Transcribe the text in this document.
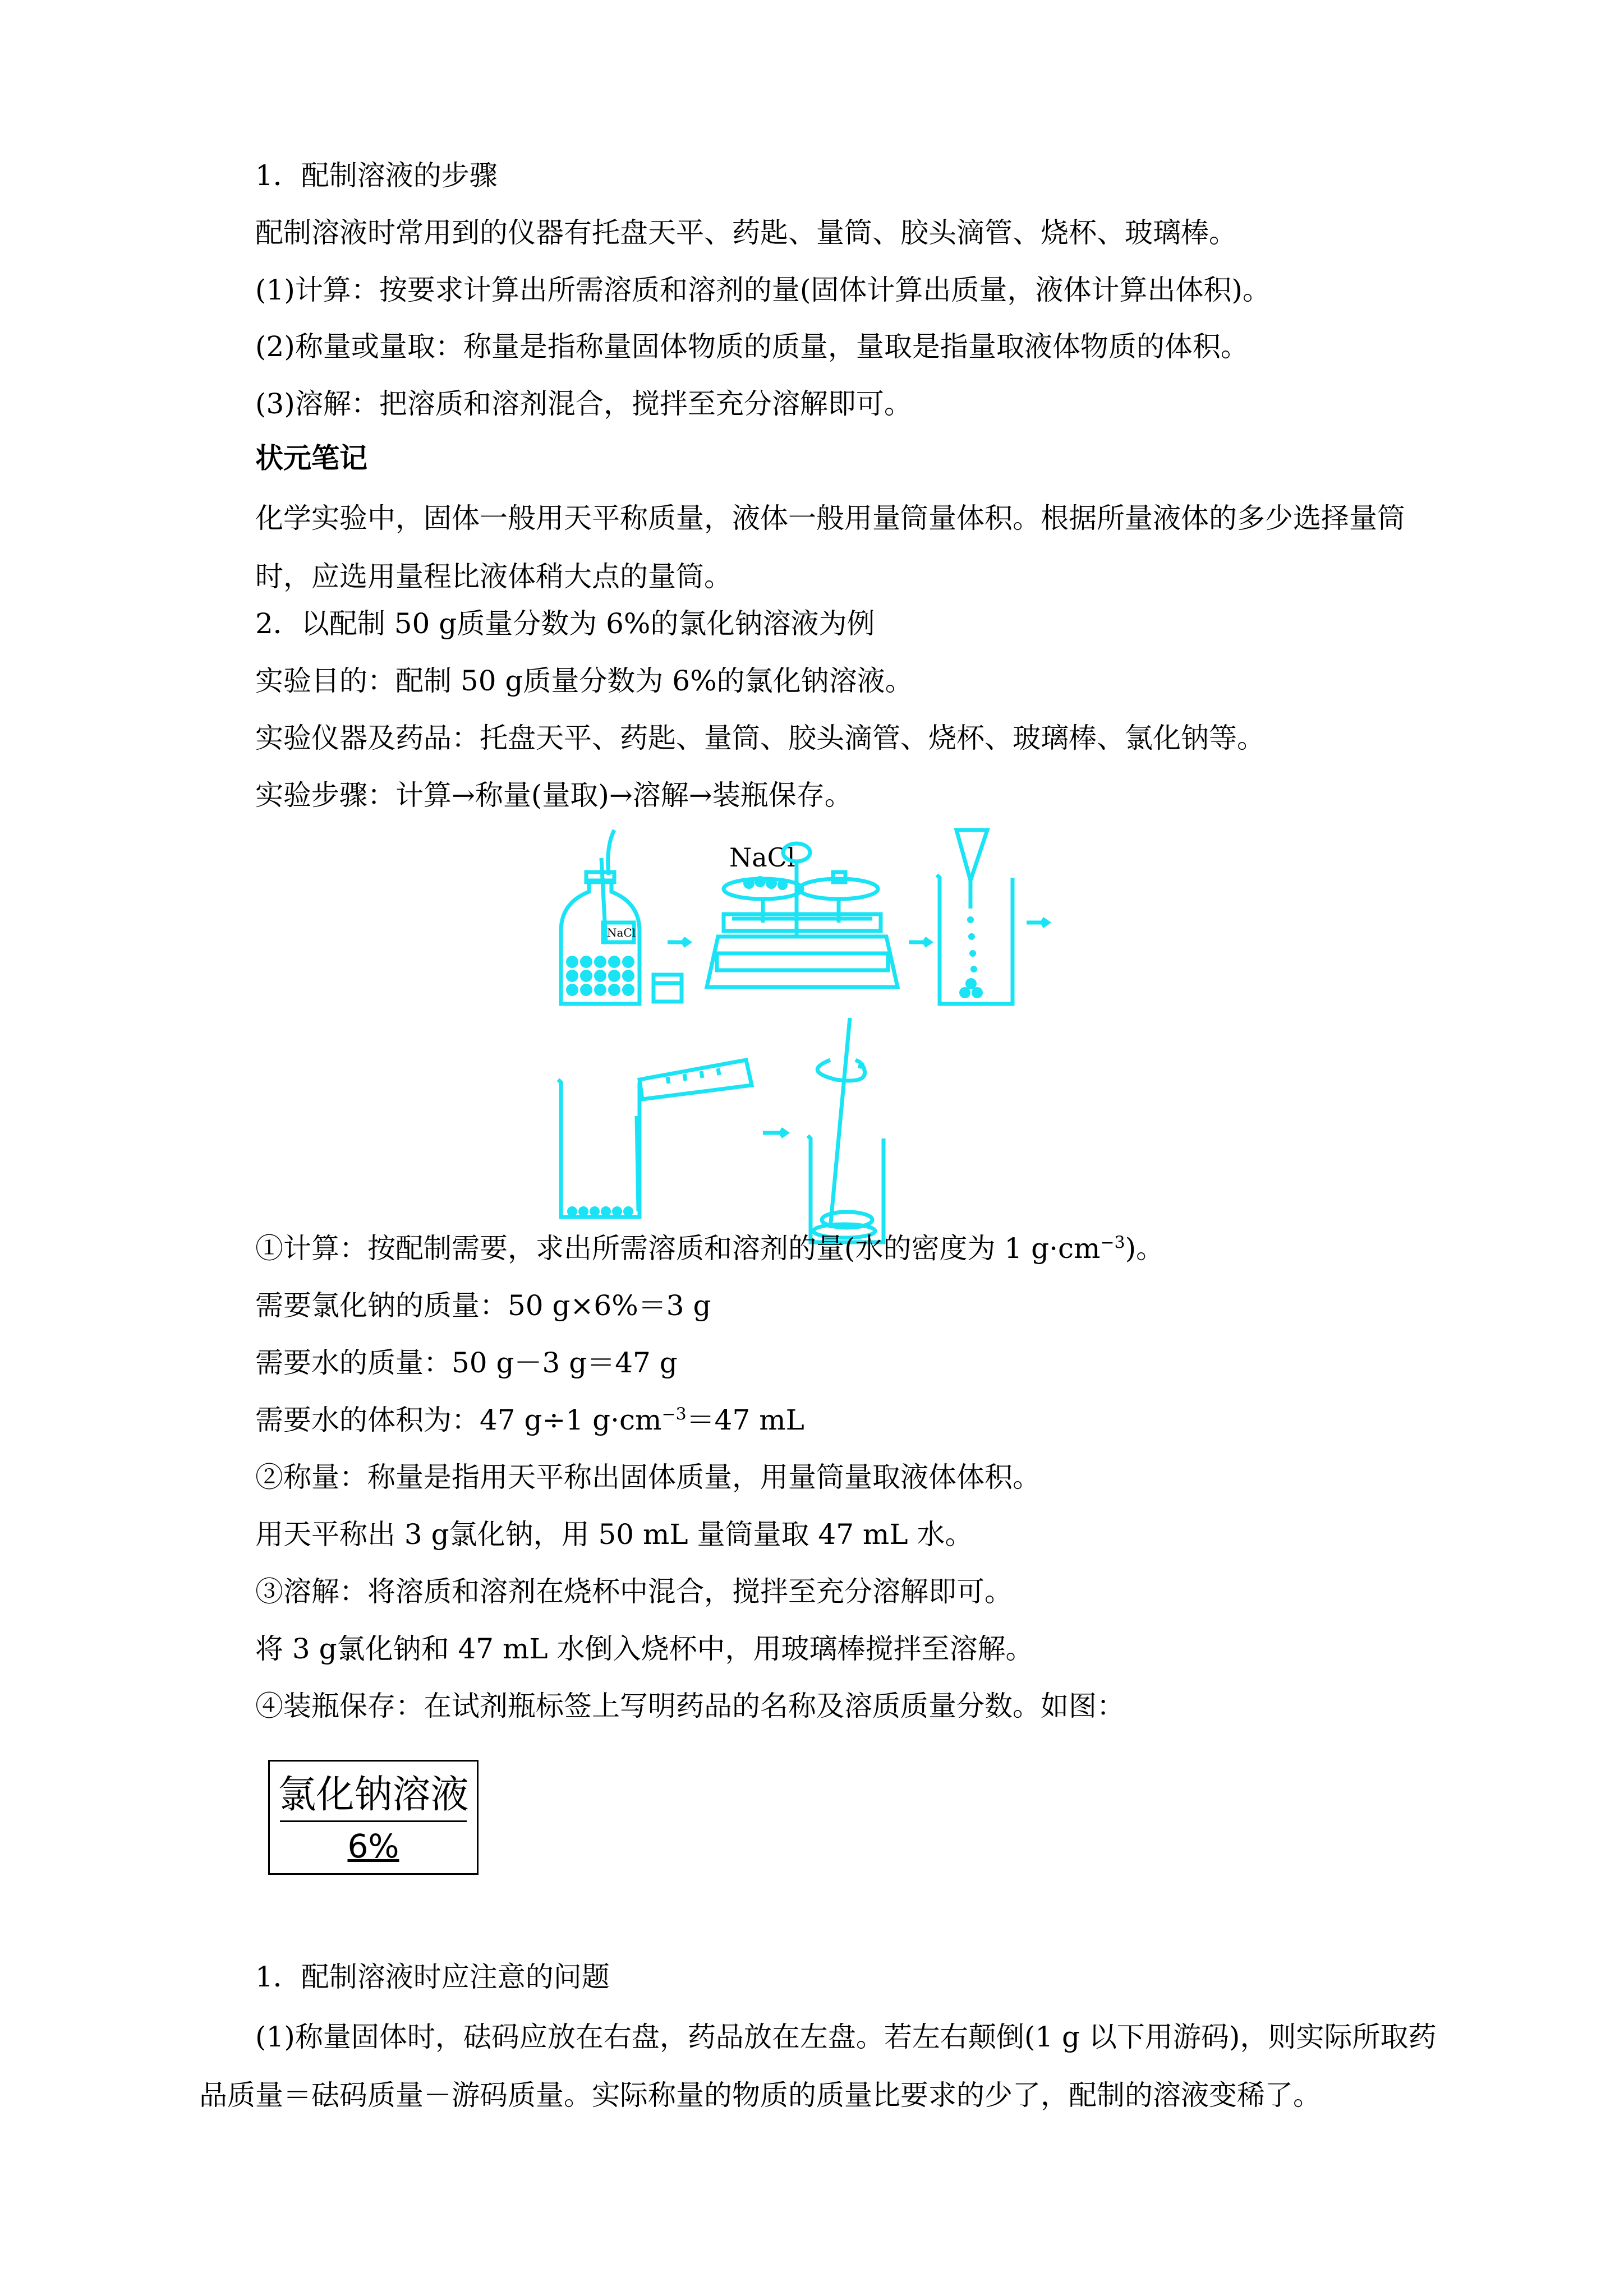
1．配制溶液的步骤
配制溶液时常用到的仪器有托盘天平、药匙、量筒、胶头滴管、烧杯、玻璃棒。
(1)计算：按要求计算出所需溶质和溶剂的量(固体计算出质量，液体计算出体积)。
(2)称量或量取：称量是指称量固体物质的质量，量取是指量取液体物质的体积。
(3)溶解：把溶质和溶剂混合，搅拌至充分溶解即可。
状元笔记
化学实验中，固体一般用天平称质量，液体一般用量筒量体积。根据所量液体的多少选择量筒时，应选用量程比液体稍大点的量筒。
2．以配制 50 g质量分数为 6%的氯化钠溶液为例
实验目的：配制 50 g质量分数为 6%的氯化钠溶液。
实验仪器及药品：托盘天平、药匙、量筒、胶头滴管、烧杯、玻璃棒、氯化钠等。
实验步骤：计算→称量(量取)→溶解→装瓶保存。
NaCl
NaCl
①计算：按配制需要，求出所需溶质和溶剂的量(水的密度为 1 $g\cdot cm^{-3}$)。
需要氯化钠的质量：50 g×6%＝3 g
需要水的质量：50 g－3 g＝47 g
需要水的体积为：47 g÷1 $g\cdot cm^{-3}=47$ mL
②称量：称量是指用天平称出固体质量，用量筒量取液体体积。
用天平称出 3 g氯化钠，用 50 mL 量筒量取 47 mL 水。
③溶解：将溶质和溶剂在烧杯中混合，搅拌至充分溶解即可。
将 3 g氯化钠和 47 mL 水倒入烧杯中，用玻璃棒搅拌至溶解。
④装瓶保存：在试剂瓶标签上写明药品的名称及溶质质量分数。如图：
氯化钠溶液
6%
1．配制溶液时应注意的问题
(1)称量固体时，砝码应放在右盘，药品放在左盘。若左右颠倒(1 g 以下用游码)，则实际所取药品质量＝砝码质量－游码质量。实际称量的物质的质量比要求的少了，配制的溶液变稀了。
